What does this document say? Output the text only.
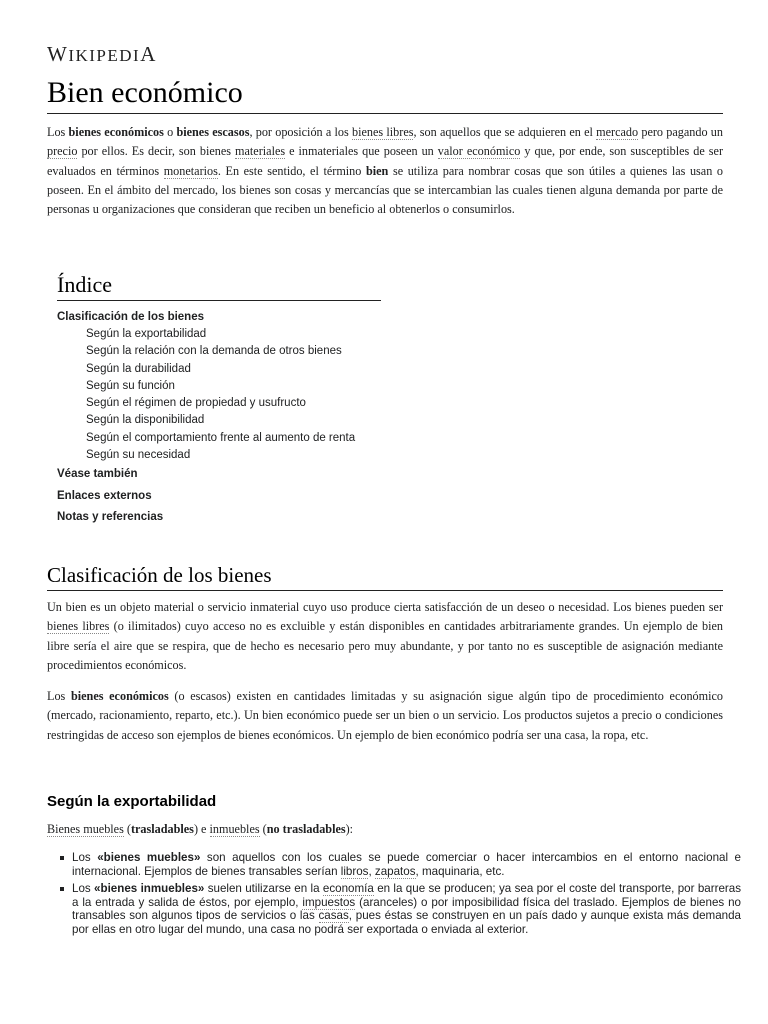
WIKIPEDIA
Bien económico

Los bienes económicos o bienes escasos, por oposición a los bienes libres, son aquellos que se adquieren en el mercado pero pagando un precio por ellos. Es decir, son bienes materiales e inmateriales que poseen un valor económico y que, por ende, son susceptibles de ser evaluados en términos monetarios. En este sentido, el término bien se utiliza para nombrar cosas que son útiles a quienes las usan o poseen. En el ámbito del mercado, los bienes son cosas y mercancías que se intercambian las cuales tienen alguna demanda por parte de personas u organizaciones que consideran que reciben un beneficio al obtenerlos o consumirlos.

Índice
Clasificación de los bienes
Según la exportabilidad
Según la relación con la demanda de otros bienes
Según la durabilidad
Según su función
Según el régimen de propiedad y usufructo
Según la disponibilidad
Según el comportamiento frente al aumento de renta
Según su necesidad
Véase también
Enlaces externos
Notas y referencias
Clasificación de los bienes

Un bien es un objeto material o servicio inmaterial cuyo uso produce cierta satisfacción de un deseo o necesidad. Los bienes pueden ser bienes libres (o ilimitados) cuyo acceso no es excluible y están disponibles en cantidades arbitrariamente grandes. Un ejemplo de bien libre sería el aire que se respira, que de hecho es necesario pero muy abundante, y por tanto no es susceptible de asignación mediante procedimientos económicos.

Los bienes económicos (o escasos) existen en cantidades limitadas y su asignación sigue algún tipo de procedimiento económico (mercado, racionamiento, reparto, etc.). Un bien económico puede ser un bien o un servicio. Los productos sujetos a precio o condiciones restringidas de acceso son ejemplos de bienes económicos. Un ejemplo de bien económico podría ser una casa, la ropa, etc.

Según la exportabilidad

Bienes muebles (trasladables) e inmuebles (no trasladables):

Los «bienes muebles» son aquellos con los cuales se puede comerciar o hacer intercambios en el entorno nacional e internacional. Ejemplos de bienes transables serían libros, zapatos, maquinaria, etc.
Los «bienes inmuebles» suelen utilizarse en la economía en la que se producen; ya sea por el coste del transporte, por barreras a la entrada y salida de éstos, por ejemplo, impuestos (aranceles) o por imposibilidad física del traslado. Ejemplos de bienes no transables son algunos tipos de servicios o las casas, pues éstas se construyen en un país dado y aunque exista más demanda por ellas en otro lugar del mundo, una casa no podrá ser exportada o enviada al exterior.
